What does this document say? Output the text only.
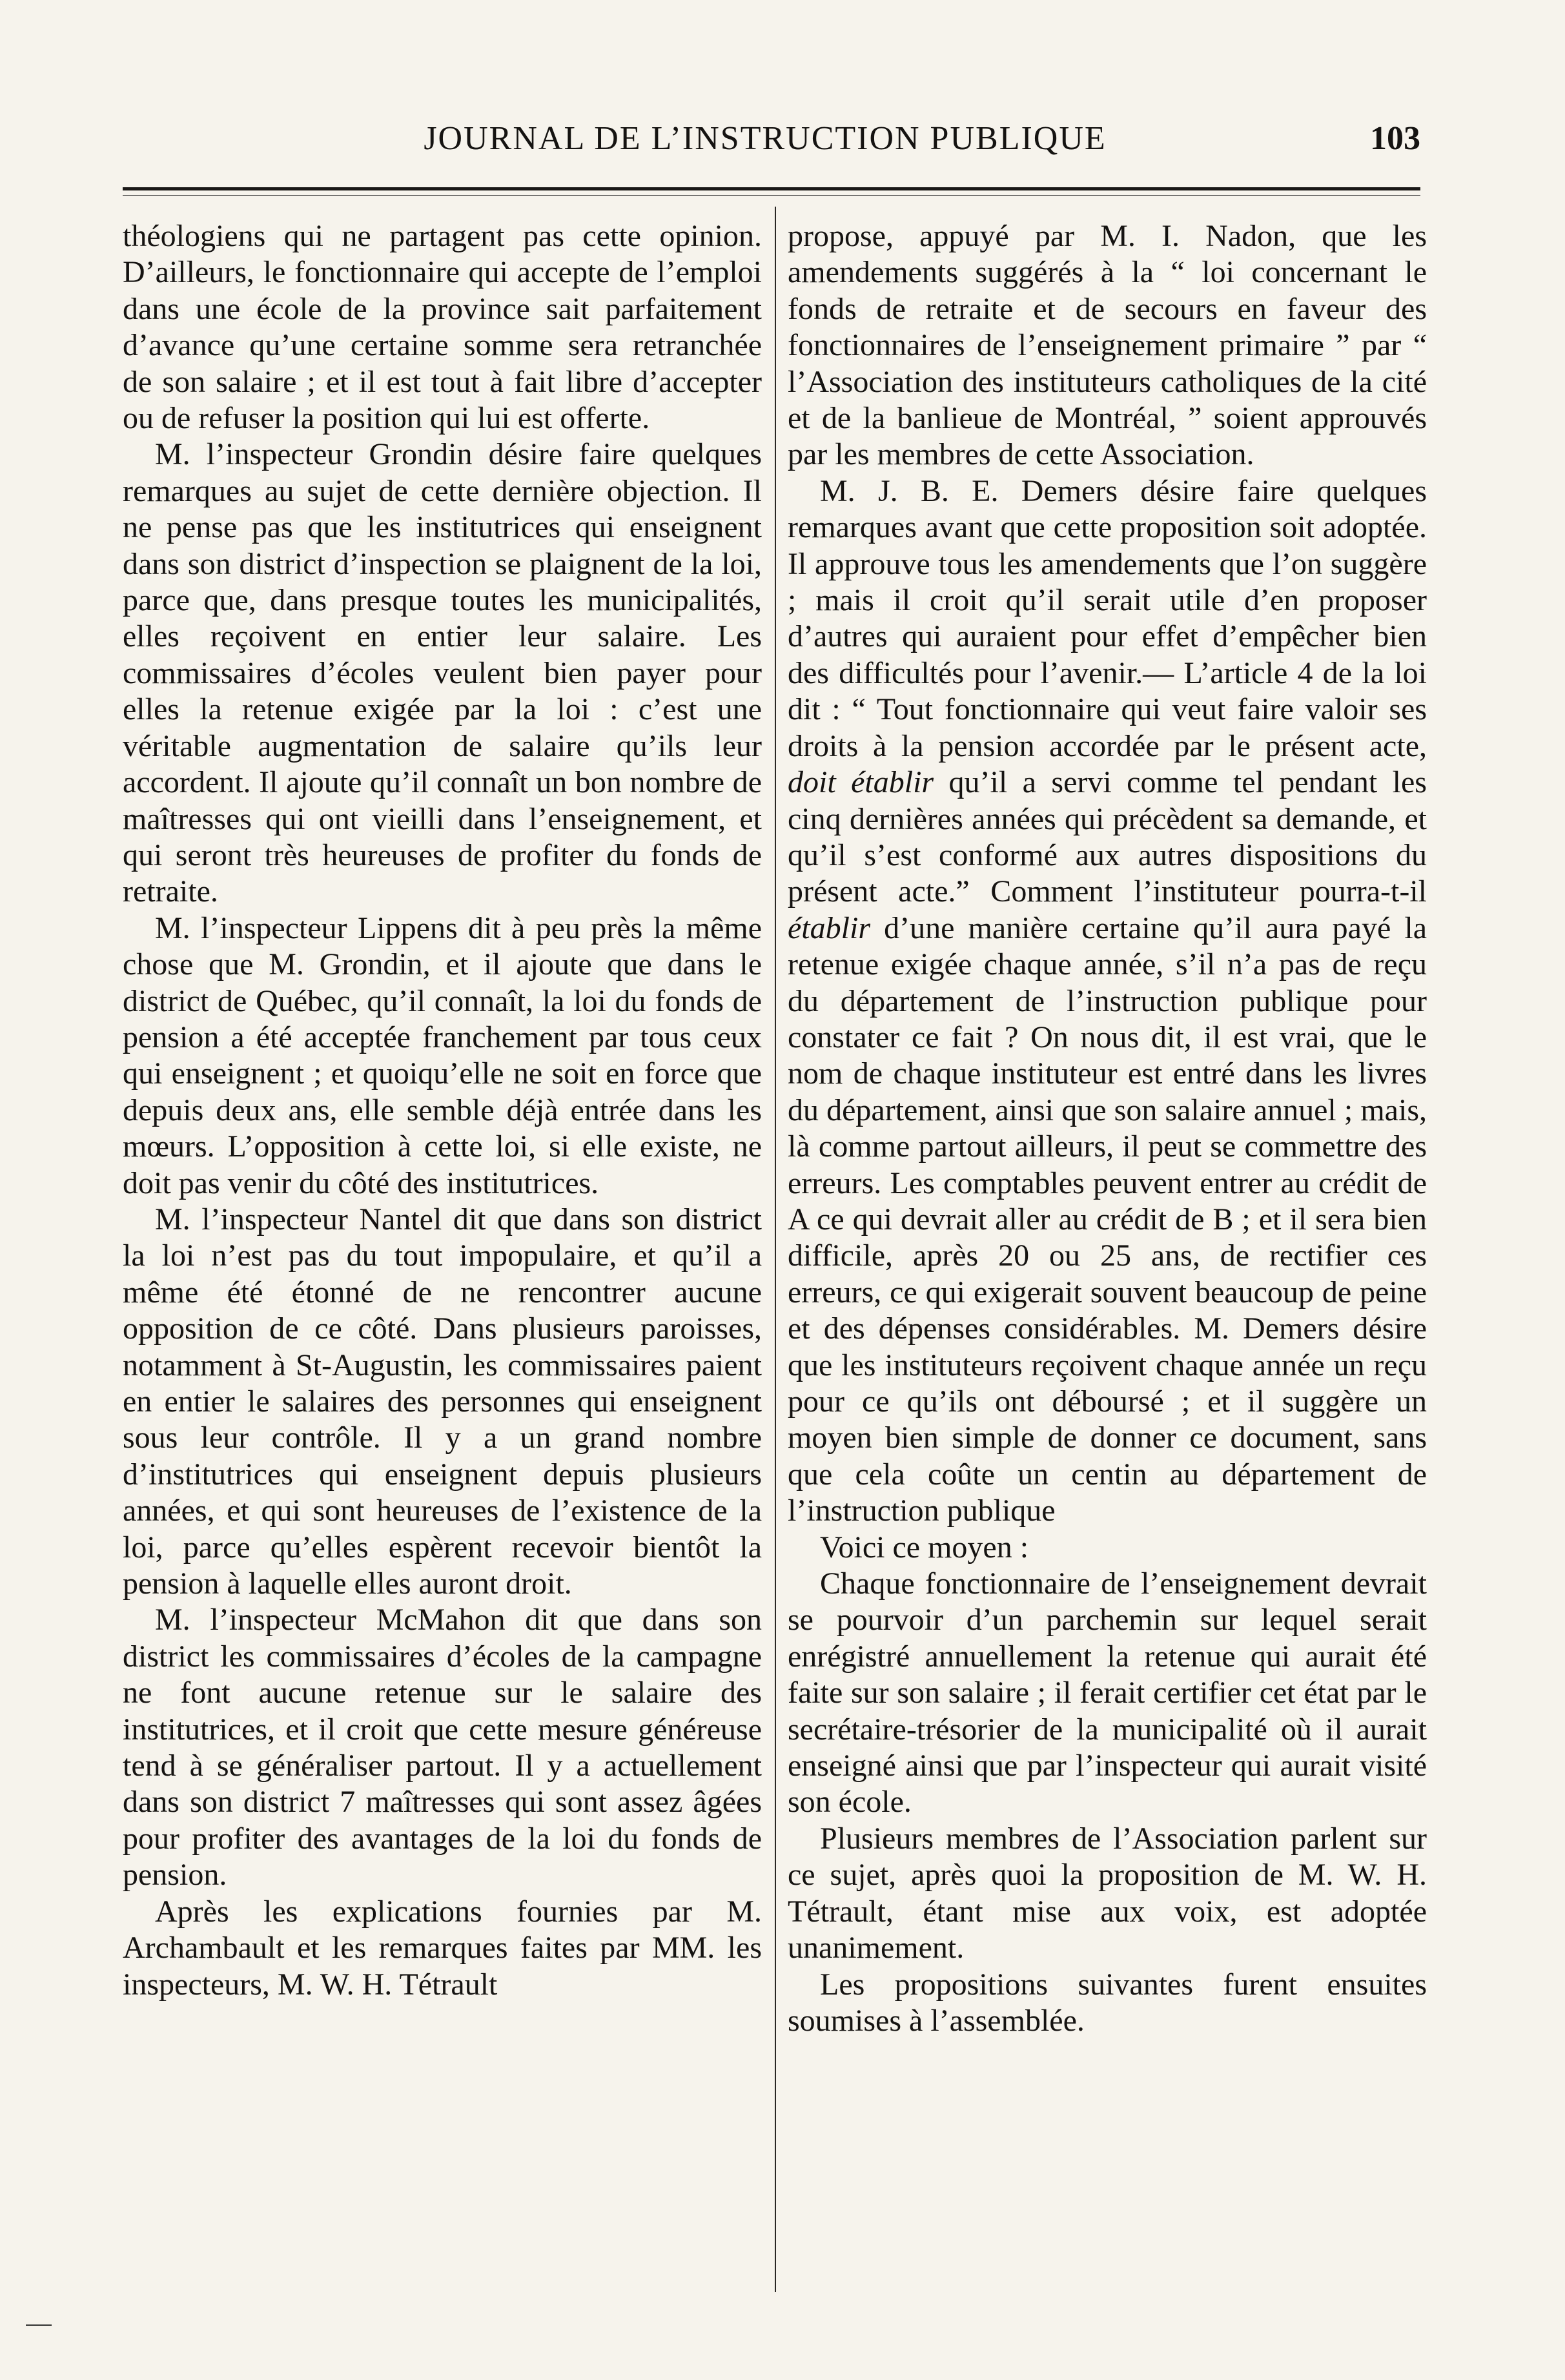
JOURNAL DE L’INSTRUCTION PUBLIQUE	103

théologiens qui ne partagent pas cette opinion. D’ailleurs, le fonctionnaire qui accepte de l’emploi dans une école de la province sait parfaitement d’avance qu’une certaine somme sera retranchée de son salaire ; et il est tout à fait libre d’accepter ou de refuser la position qui lui est offerte.

M. l’inspecteur Grondin désire faire quelques remarques au sujet de cette dernière objection. Il ne pense pas que les institutrices qui enseignent dans son district d’inspection se plaignent de la loi, parce que, dans presque toutes les municipalités, elles reçoivent en entier leur salaire. Les commissaires d’écoles veulent bien payer pour elles la retenue exigée par la loi : c’est une véritable augmentation de salaire qu’ils leur accordent. Il ajoute qu’il connaît un bon nombre de maîtresses qui ont vieilli dans l’enseignement, et qui seront très heureuses de profiter du fonds de retraite.

M. l’inspecteur Lippens dit à peu près la même chose que M. Grondin, et il ajoute que dans le district de Québec, qu’il connaît, la loi du fonds de pension a été acceptée franchement par tous ceux qui enseignent ; et quoiqu’elle ne soit en force que depuis deux ans, elle semble déjà entrée dans les mœurs. L’opposition à cette loi, si elle existe, ne doit pas venir du côté des institutrices.

M. l’inspecteur Nantel dit que dans son district la loi n’est pas du tout impopulaire, et qu’il a même été étonné de ne rencontrer aucune opposition de ce côté. Dans plusieurs paroisses, notamment à St-Augustin, les commissaires paient en entier le salaires des personnes qui enseignent sous leur contrôle. Il y a un grand nombre d’institutrices qui enseignent depuis plusieurs années, et qui sont heureuses de l’existence de la loi, parce qu’elles espèrent recevoir bientôt la pension à laquelle elles auront droit.

M. l’inspecteur McMahon dit que dans son district les commissaires d’écoles de la campagne ne font aucune retenue sur le salaire des institutrices, et il croit que cette mesure généreuse tend à se généraliser partout. Il y a actuellement dans son district 7 maîtresses qui sont assez âgées pour profiter des avantages de la loi du fonds de pension.

Après les explications fournies par M. Archambault et les remarques faites par MM. les inspecteurs, M. W. H. Tétrault

propose, appuyé par M. I. Nadon, que les amendements suggérés à la “ loi concernant le fonds de retraite et de secours en faveur des fonctionnaires de l’enseignement primaire ” par “ l’Association des instituteurs catholiques de la cité et de la banlieue de Montréal, ” soient approuvés par les membres de cette Association.

M. J. B. E. Demers désire faire quelques remarques avant que cette proposition soit adoptée. Il approuve tous les amendements que l’on suggère ; mais il croit qu’il serait utile d’en proposer d’autres qui auraient pour effet d’empêcher bien des difficultés pour l’avenir.— L’article 4 de la loi dit : “ Tout fonctionnaire qui veut faire valoir ses droits à la pension accordée par le présent acte, doit établir qu’il a servi comme tel pendant les cinq dernières années qui précèdent sa demande, et qu’il s’est conformé aux autres dispositions du présent acte.” Comment l’instituteur pourra-t-il établir d’une manière certaine qu’il aura payé la retenue exigée chaque année, s’il n’a pas de reçu du département de l’instruction publique pour constater ce fait ? On nous dit, il est vrai, que le nom de chaque instituteur est entré dans les livres du département, ainsi que son salaire annuel ; mais, là comme partout ailleurs, il peut se commettre des erreurs. Les comptables peuvent entrer au crédit de A ce qui devrait aller au crédit de B ; et il sera bien difficile, après 20 ou 25 ans, de rectifier ces erreurs, ce qui exigerait souvent beaucoup de peine et des dépenses considérables. M. Demers désire que les instituteurs reçoivent chaque année un reçu pour ce qu’ils ont déboursé ; et il suggère un moyen bien simple de donner ce document, sans que cela coûte un centin au département de l’instruction publique

Voici ce moyen :

Chaque fonctionnaire de l’enseignement devrait se pourvoir d’un parchemin sur lequel serait enrégistré annuellement la retenue qui aurait été faite sur son salaire ; il ferait certifier cet état par le secrétaire-trésorier de la municipalité où il aurait enseigné ainsi que par l’inspecteur qui aurait visité son école.

Plusieurs membres de l’Association parlent sur ce sujet, après quoi la proposition de M. W. H. Tétrault, étant mise aux voix, est adoptée unanimement.

Les propositions suivantes furent ensuites soumises à l’assemblée.
